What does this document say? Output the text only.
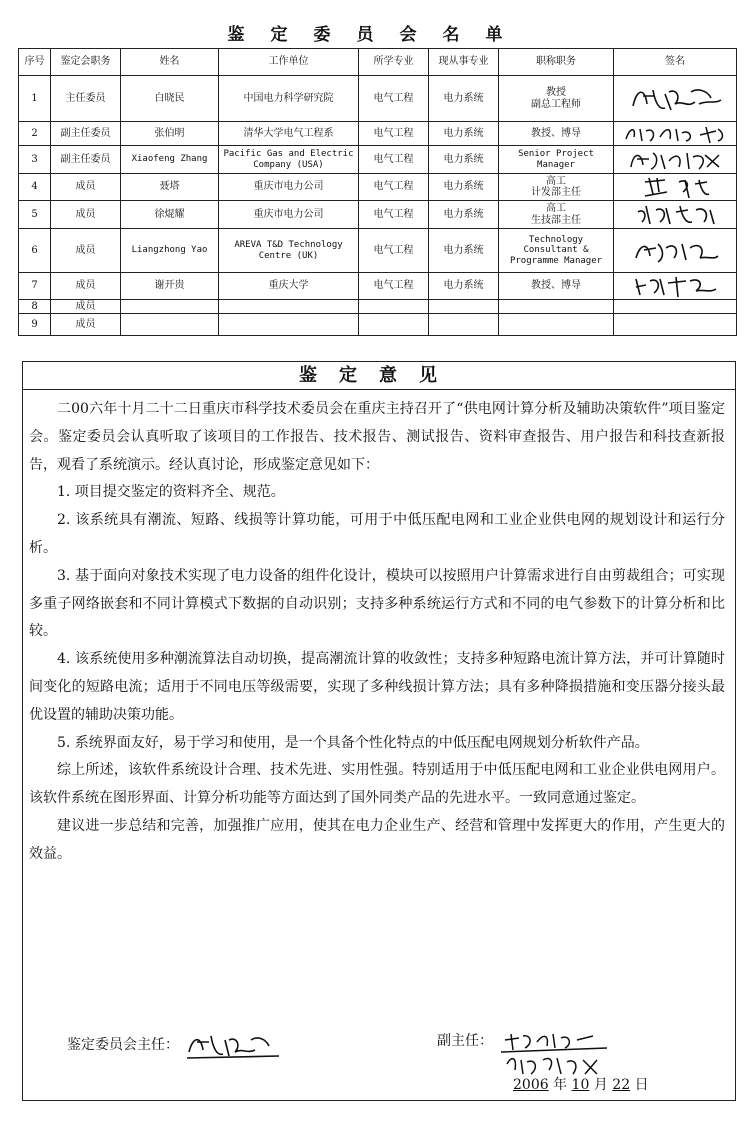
鉴定委员会名单
序号	鉴定会职务	姓名	工作单位	所学专业	现从事专业	职称职务	签名
1	主任委员	白晓民	中国电力科学研究院	电气工程	电力系统	教授
副总工程师	

2	副主任委员	张伯明	清华大学电气工程系	电气工程	电力系统	教授、博导	

3	副主任委员	Xiaofeng Zhang	Pacific Gas and Electric Company (USA)	电气工程	电力系统	Senior Project Manager	

4	成员	聂塔	重庆市电力公司	电气工程	电力系统	高工
计发部主任	

5	成员	徐焜耀	重庆市电力公司	电气工程	电力系统	高工
生技部主任	

6	成员	Liangzhong Yao	AREVA T&D Technology Centre (UK)	电气工程	电力系统	Technology Consultant & Programme Manager	

7	成员	谢开贵	重庆大学	电气工程	电力系统	教授、博导	

8	成员						
9	成员						
鉴定意见

二00六年十月二十二日重庆市科学技术委员会在重庆主持召开了“供电网计算分析及辅助决策软件”项目鉴定会。鉴定委员会认真听取了该项目的工作报告、技术报告、测试报告、资料审查报告、用户报告和科技查新报告，观看了系统演示。经认真讨论，形成鉴定意见如下：

1. 项目提交鉴定的资料齐全、规范。

2. 该系统具有潮流、短路、线损等计算功能，可用于中低压配电网和工业企业供电网的规划设计和运行分析。

3. 基于面向对象技术实现了电力设备的组件化设计，模块可以按照用户计算需求进行自由剪裁组合；可实现多重子网络嵌套和不同计算模式下数据的自动识别；支持多种系统运行方式和不同的电气参数下的计算分析和比较。

4. 该系统使用多种潮流算法自动切换，提高潮流计算的收敛性；支持多种短路电流计算方法，并可计算随时间变化的短路电流；适用于不同电压等级需要，实现了多种线损计算方法；具有多种降损措施和变压器分接头最优设置的辅助决策功能。

5. 系统界面友好，易于学习和使用，是一个具备个性化特点的中低压配电网规划分析软件产品。

综上所述，该软件系统设计合理、技术先进、实用性强。特别适用于中低压配电网和工业企业供电网用户。该软件系统在图形界面、计算分析功能等方面达到了国外同类产品的先进水平。一致同意通过鉴定。

建议进一步总结和完善，加强推广应用，使其在电力企业生产、经营和管理中发挥更大的作用，产生更大的效益。

鉴定委员会主任：	副主任：
2006 年 10 月 22 日
